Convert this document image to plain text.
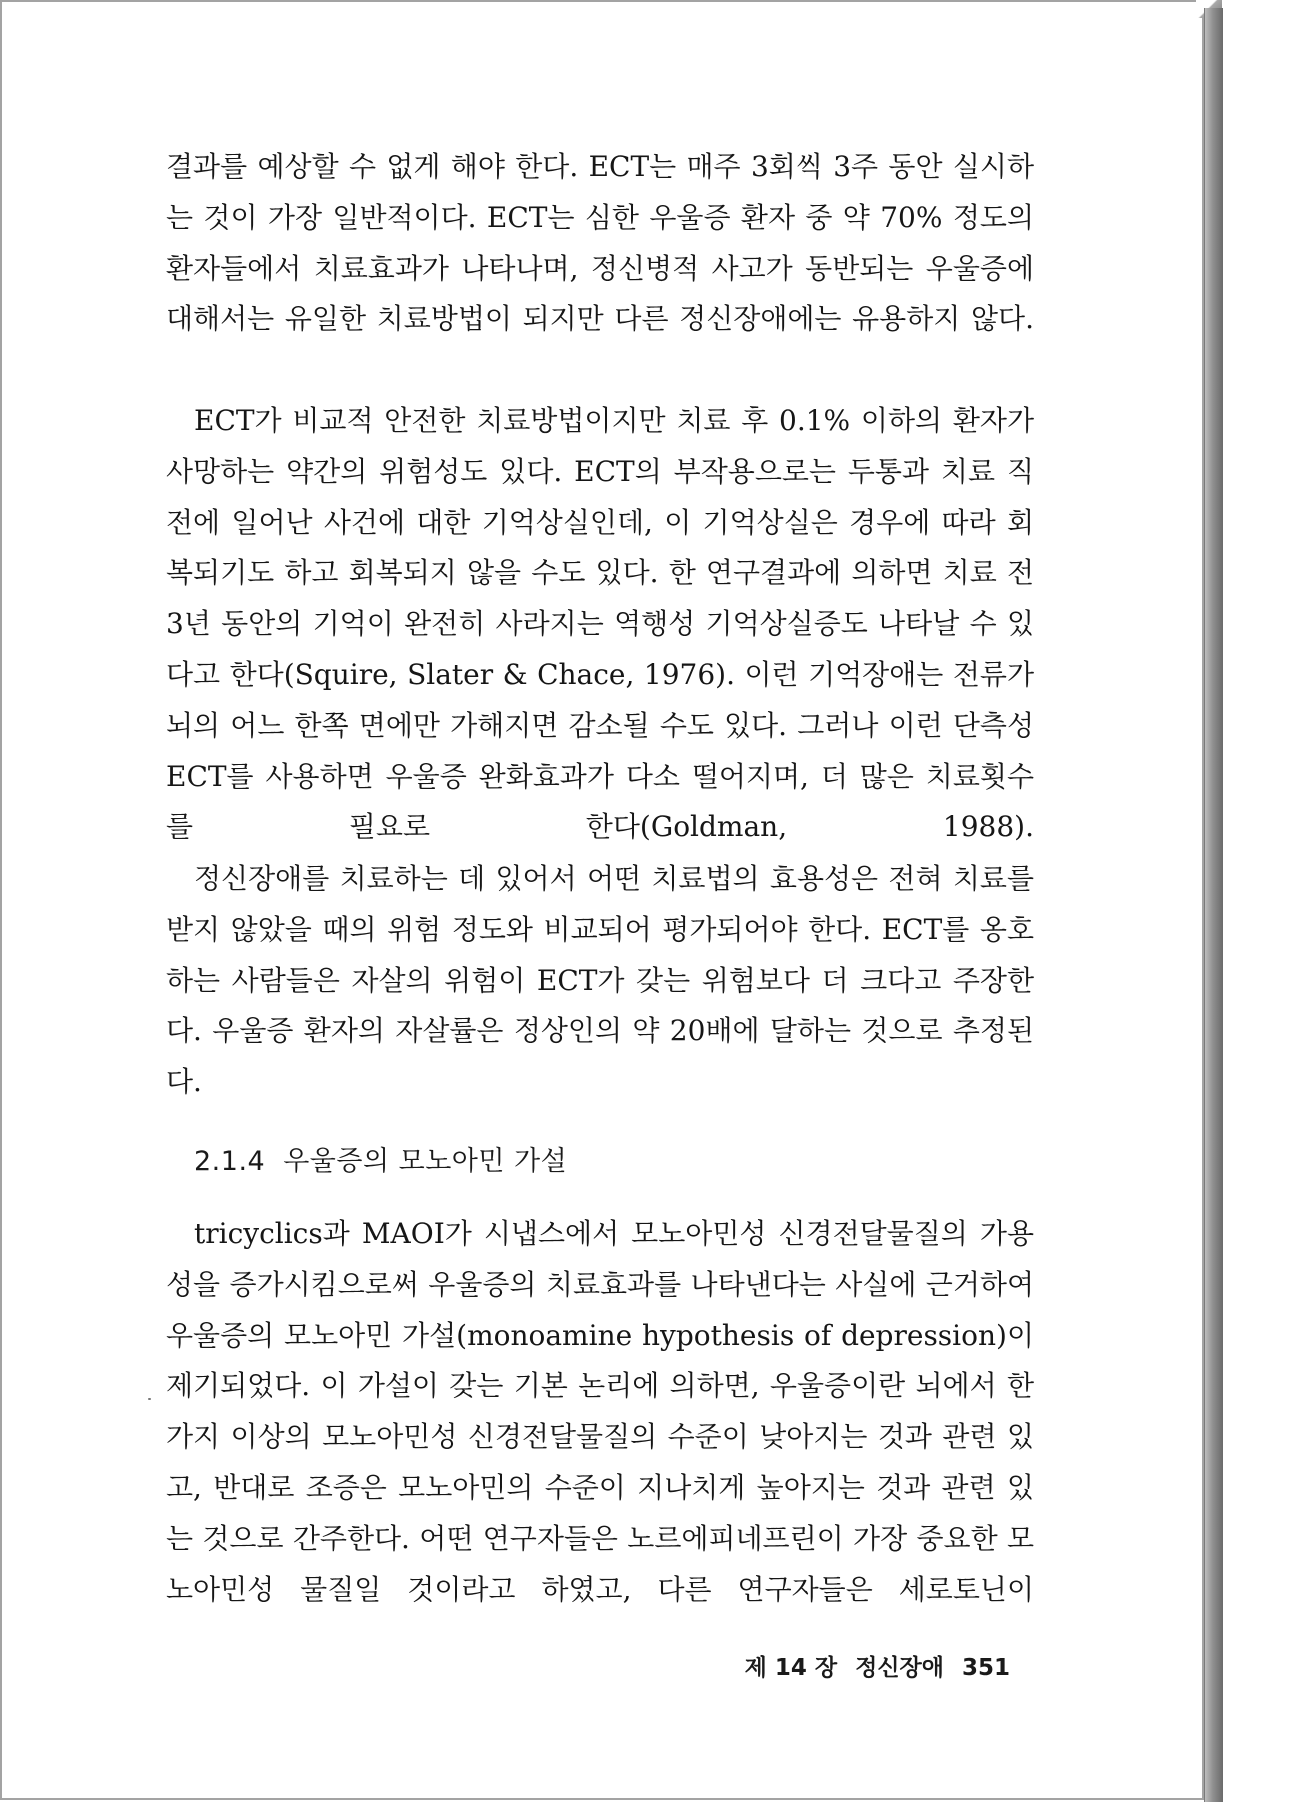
결과를 예상할 수 없게 해야 한다. ECT는 매주 3회씩 3주 동안 실시하는 것이 가장 일반적이다. ECT는 심한 우울증 환자 중 약 70% 정도의 환자들에서 치료효과가 나타나며, 정신병적 사고가 동반되는 우울증에 대해서는 유일한 치료방법이 되지만 다른 정신장애에는 유용하지 않다.

ECT가 비교적 안전한 치료방법이지만 치료 후 0.1% 이하의 환자가 사망하는 약간의 위험성도 있다. ECT의 부작용으로는 두통과 치료 직전에 일어난 사건에 대한 기억상실인데, 이 기억상실은 경우에 따라 회복되기도 하고 회복되지 않을 수도 있다. 한 연구결과에 의하면 치료 전 3년 동안의 기억이 완전히 사라지는 역행성 기억상실증도 나타날 수 있다고 한다(Squire, Slater & Chace, 1976). 이런 기억장애는 전류가 뇌의 어느 한쪽 면에만 가해지면 감소될 수도 있다. 그러나 이런 단측성 ECT를 사용하면 우울증 완화효과가 다소 떨어지며, 더 많은 치료횟수를 필요로 한다(Goldman, 1988).

정신장애를 치료하는 데 있어서 어떤 치료법의 효용성은 전혀 치료를 받지 않았을 때의 위험 정도와 비교되어 평가되어야 한다. ECT를 옹호하는 사람들은 자살의 위험이 ECT가 갖는 위험보다 더 크다고 주장한다. 우울증 환자의 자살률은 정상인의 약 20배에 달하는 것으로 추정된다.

2.1.4 우울증의 모노아민 가설

tricyclics과 MAOI가 시냅스에서 모노아민성 신경전달물질의 가용성을 증가시킴으로써 우울증의 치료효과를 나타낸다는 사실에 근거하여 우울증의 모노아민 가설(monoamine hypothesis of depression)이 제기되었다. 이 가설이 갖는 기본 논리에 의하면, 우울증이란 뇌에서 한 가지 이상의 모노아민성 신경전달물질의 수준이 낮아지는 것과 관련 있고, 반대로 조증은 모노아민의 수준이 지나치게 높아지는 것과 관련 있는 것으로 간주한다. 어떤 연구자들은 노르에피네프린이 가장 중요한 모노아민성 물질일 것이라고 하였고, 다른 연구자들은 세로토닌이

제 14 장 정신장애 351
